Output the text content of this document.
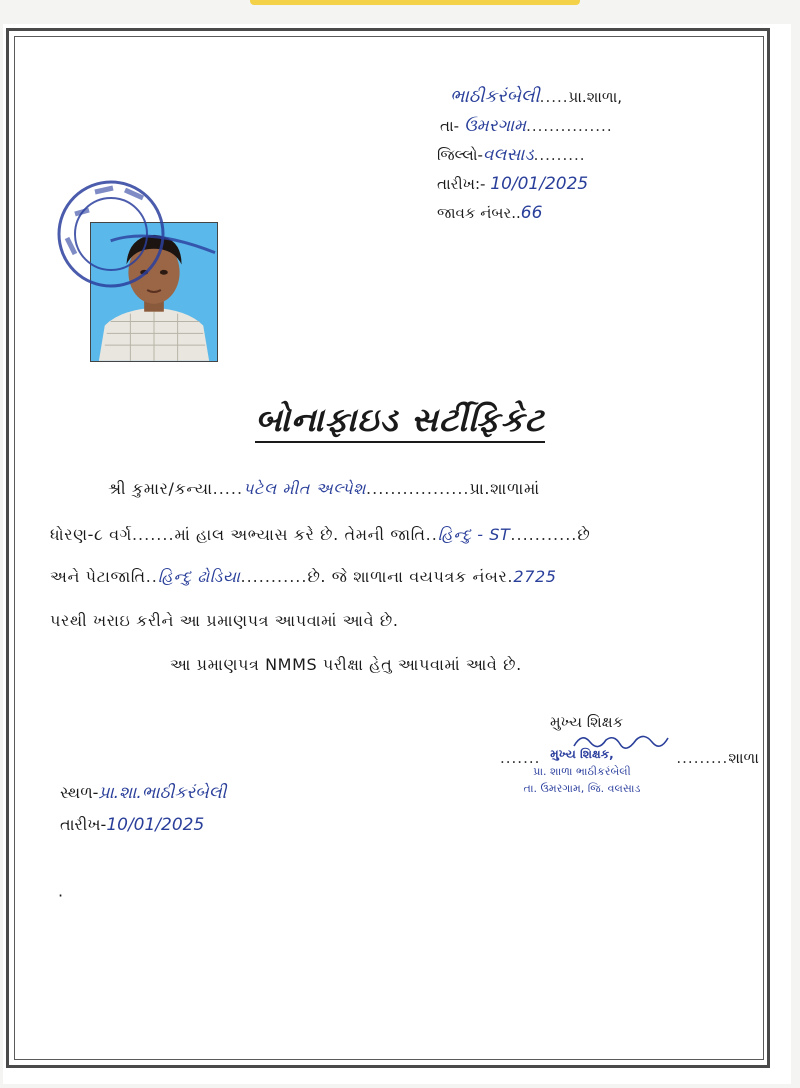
ભાઠીકરંબેલી.....પ્રા.શાળા,
તા- ઉમરગામ...............
જિલ્લો-વલસાડ.........
તારીખ:- 10/01/2025
જાવક નંબર..66
બોનાફાઇડ સર્ટીફિકેટ
શ્રી કુમાર/કન્યા.....પટેલ મીત અલ્પેશ.................પ્રા.શાળામાં
ધોરણ-૮ વર્ગ.......માં હાલ અભ્યાસ કરે છે. તેમની જાતિ..હિન્દુ - ST...........છે
અને પેટાજાતિ..હિન્દુ ઢોડિયા...........છે. જે શાળાના વયપત્રક નંબર.2725
પરથી ખરાઇ કરીને આ પ્રમાણપત્ર આપવામાં આવે છે.
આ પ્રમાણપત્ર NMMS પરીક્ષા હેતુ આપવામાં આવે છે.
મુખ્ય શિક્ષક
.......	.........શાળા
મુખ્ય શિક્ષક,
પ્રા. શાળા ભાઠીકરંબેલી
તા. ઉમરગામ, જિ. વલસાડ
સ્થળ-પ્રા.શા.ભાઠીકરંબેલી
તારીખ-10/01/2025
·
